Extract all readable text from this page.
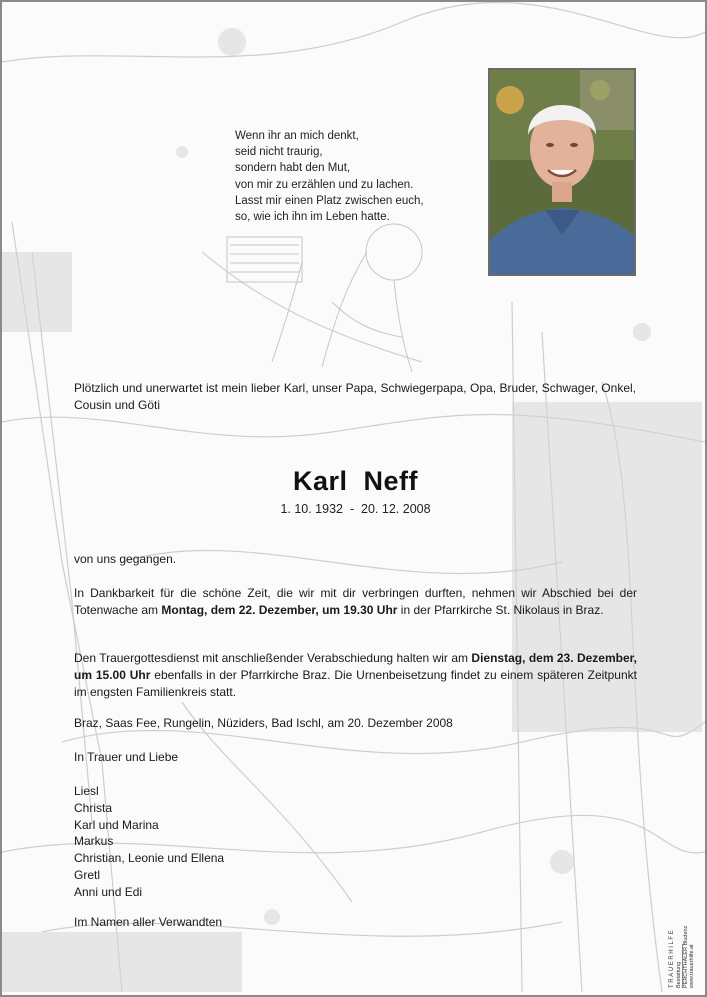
Wenn ihr an mich denkt,
seid nicht traurig,
sondern habt den Mut,
von mir zu erzählen und zu lachen.
Lasst mir einen Platz zwischen euch,
so, wie ich ihn im Leben hatte.
Plötzlich und unerwartet ist mein lieber Karl, unser Papa, Schwiegerpapa, Opa, Bruder, Schwager, Onkel, Cousin und Göti
Karl  Neff
1. 10. 1932  -  20. 12. 2008
von uns gegangen.
In Dankbarkeit für die schöne Zeit, die wir mit dir verbringen durften, nehmen wir Abschied bei der Totenwache am Montag, dem 22. Dezember, um 19.30 Uhr in der Pfarrkirche St. Nikolaus in Braz.
Den Trauergottesdienst mit anschließender Verabschiedung halten wir am Dienstag, dem 23. Dezember, um 15.00 Uhr ebenfalls in der Pfarrkirche Braz. Die Urnenbeisetzung findet zu einem späteren Zeitpunkt im engsten Familienkreis statt.
Braz, Saas Fee, Rungelin, Nüziders, Bad Ischl, am 20. Dezember 2008
In Trauer und Liebe
Liesl
Christa
Karl und Marina
Markus
Christian, Leonie und Ellena
Gretl
Anni und Edi
Im Namen aller Verwandten
TRAUERHILFE Bestattung PERCHTHALER Bludenz www.trauerhilfe.at
